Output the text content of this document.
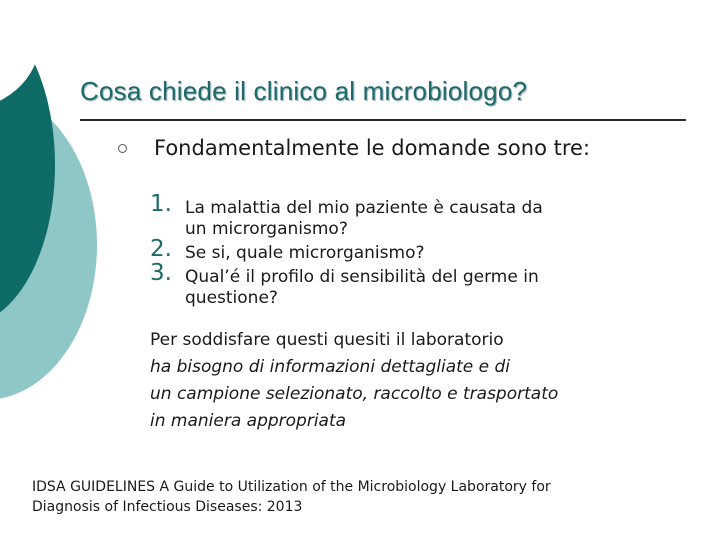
Cosa chiede il clinico al microbiologo?

Fondamentalmente le domande sono tre:

1. La malattia del mio paziente è causata da
un microrganismo?
2. Se si, quale microrganismo?
3. Qual’é il profilo di sensibilità del germe in
questione?

Per soddisfare questi quesiti il laboratorio
ha bisogno di informazioni dettagliate e di
un campione selezionato, raccolto e trasportato
in maniera appropriata

IDSA GUIDELINES A Guide to Utilization of the Microbiology Laboratory for
Diagnosis of Infectious Diseases: 2013
